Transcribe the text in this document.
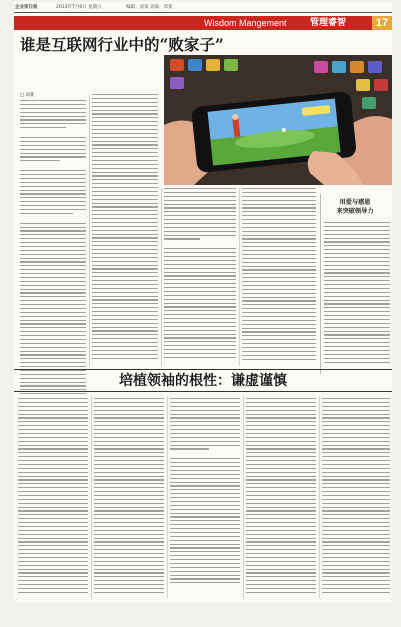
企业家日报	2013年7月6日 星期六	编辑：刘某 美编：邓某
Wisdom Mangement	管理睿智	17
谁是互联网行业中的“败家子”
□ 刘某
用爱与感恩
来突破领导力
培植领袖的根性：谦虚谨慎
